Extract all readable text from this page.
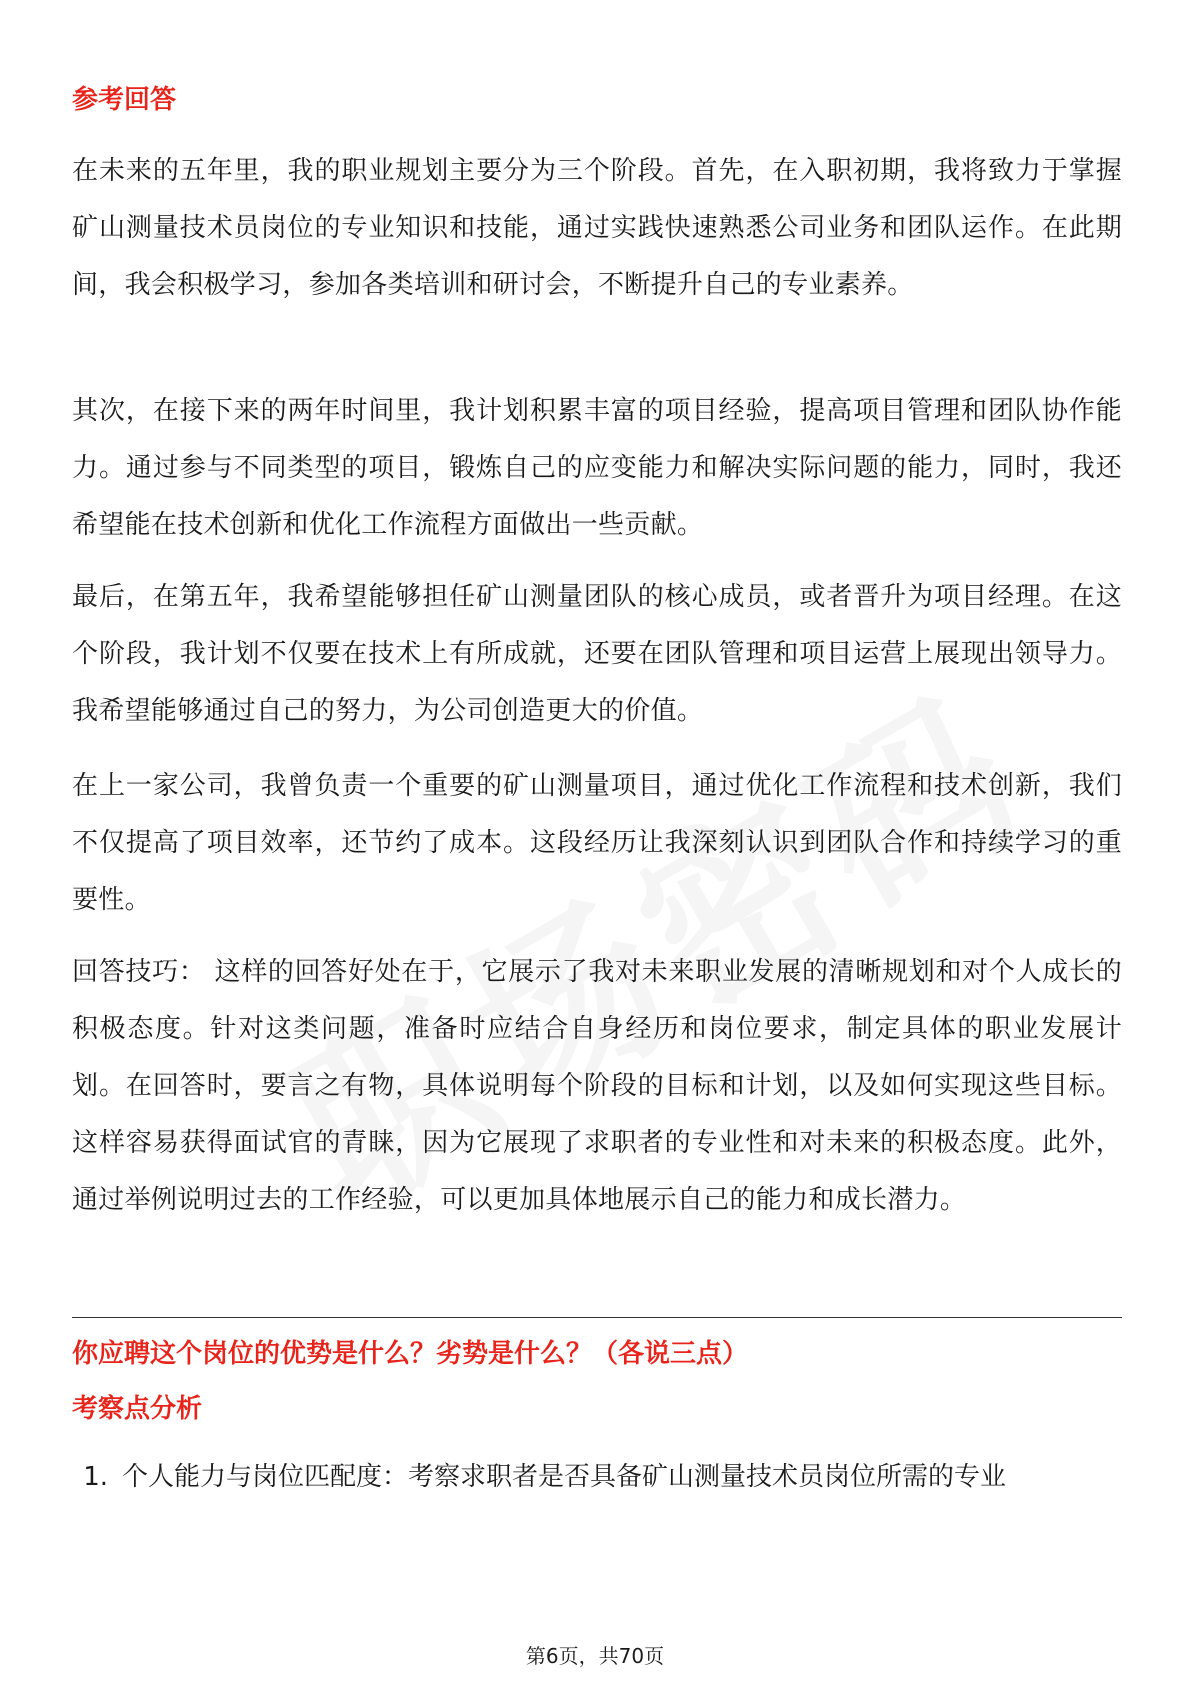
参考回答

在未来的五年里，我的职业规划主要分为三个阶段。首先，在入职初期，我将致力于掌握矿山测量技术员岗位的专业知识和技能，通过实践快速熟悉公司业务和团队运作。在此期间，我会积极学习，参加各类培训和研讨会，不断提升自己的专业素养。

其次，在接下来的两年时间里，我计划积累丰富的项目经验，提高项目管理和团队协作能力。通过参与不同类型的项目，锻炼自己的应变能力和解决实际问题的能力，同时，我还希望能在技术创新和优化工作流程方面做出一些贡献。

最后，在第五年，我希望能够担任矿山测量团队的核心成员，或者晋升为项目经理。在这个阶段，我计划不仅要在技术上有所成就，还要在团队管理和项目运营上展现出领导力。我希望能够通过自己的努力，为公司创造更大的价值。

在上一家公司，我曾负责一个重要的矿山测量项目，通过优化工作流程和技术创新，我们不仅提高了项目效率，还节约了成本。这段经历让我深刻认识到团队合作和持续学习的重要性。

回答技巧： 这样的回答好处在于，它展示了我对未来职业发展的清晰规划和对个人成长的积极态度。针对这类问题，准备时应结合自身经历和岗位要求，制定具体的职业发展计划。在回答时，要言之有物，具体说明每个阶段的目标和计划，以及如何实现这些目标。这样容易获得面试官的青睐，因为它展现了求职者的专业性和对未来的积极态度。此外，通过举例说明过去的工作经验，可以更加具体地展示自己的能力和成长潜力。

你应聘这个岗位的优势是什么？劣势是什么？（各说三点）
考察点分析

1. 个人能力与岗位匹配度：考察求职者是否具备矿山测量技术员岗位所需的专业

第6页，共70页
